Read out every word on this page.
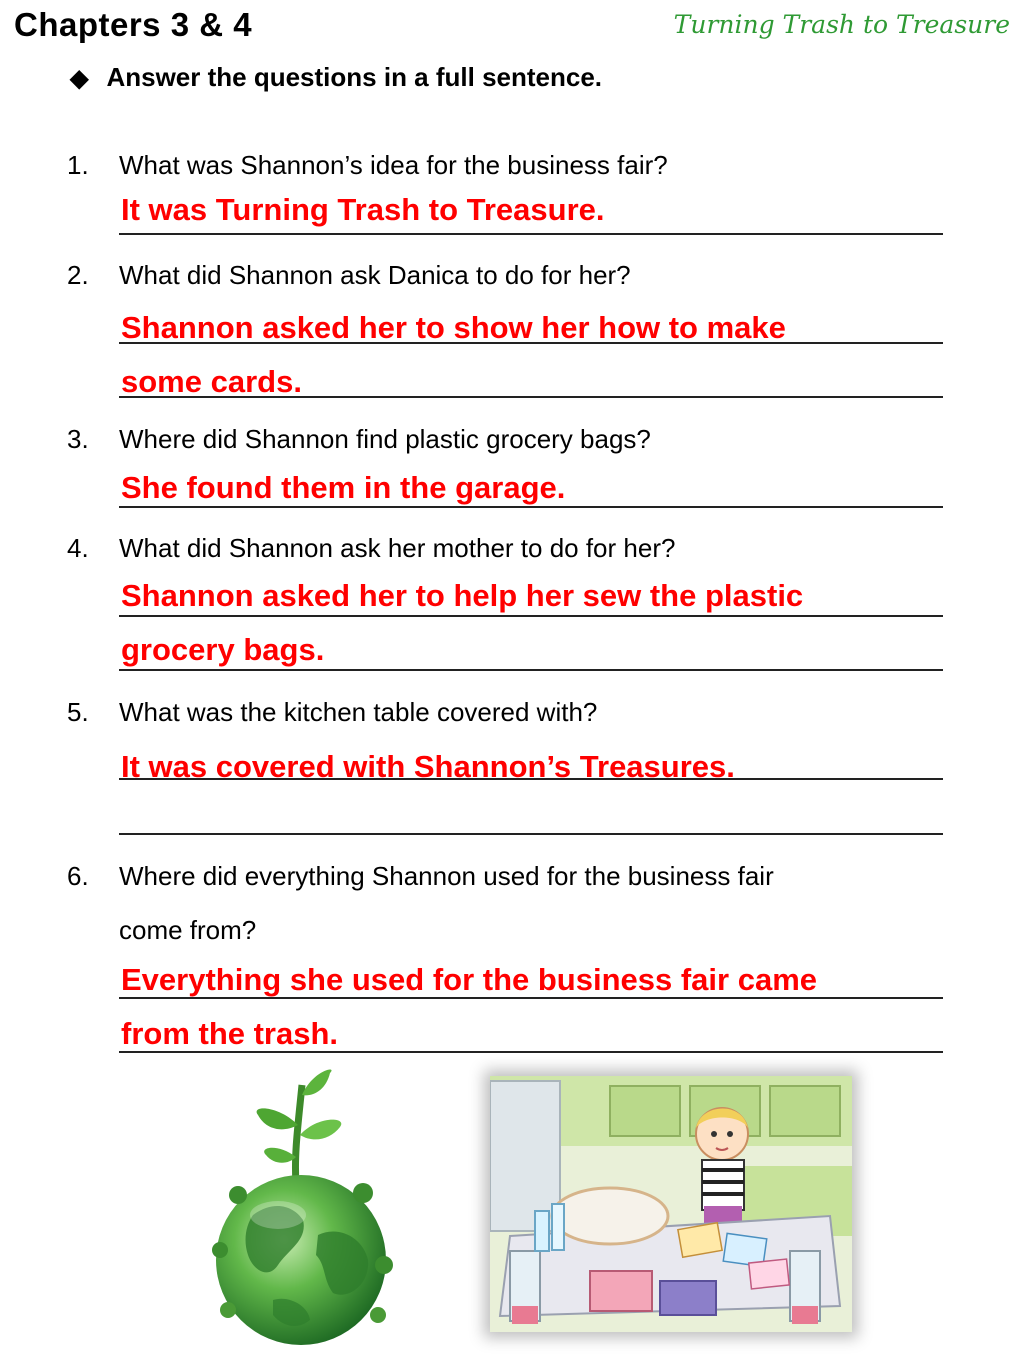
Chapters 3 & 4	Turning Trash to Treasure
◆ Answer the questions in a full sentence.
1. What was Shannon’s idea for the business fair?
It was Turning Trash to Treasure.
2. What did Shannon ask Danica to do for her?
Shannon asked her to show her how to make
some cards.
3. Where did Shannon find plastic grocery bags?
She found them in the garage.
4. What did Shannon ask her mother to do for her?
Shannon asked her to help her sew the plastic
grocery bags.
5. What was the kitchen table covered with?
It was covered with Shannon’s Treasures.
6. Where did everything Shannon used for the business fair
come from?
Everything she used for the business fair came
from the trash.
